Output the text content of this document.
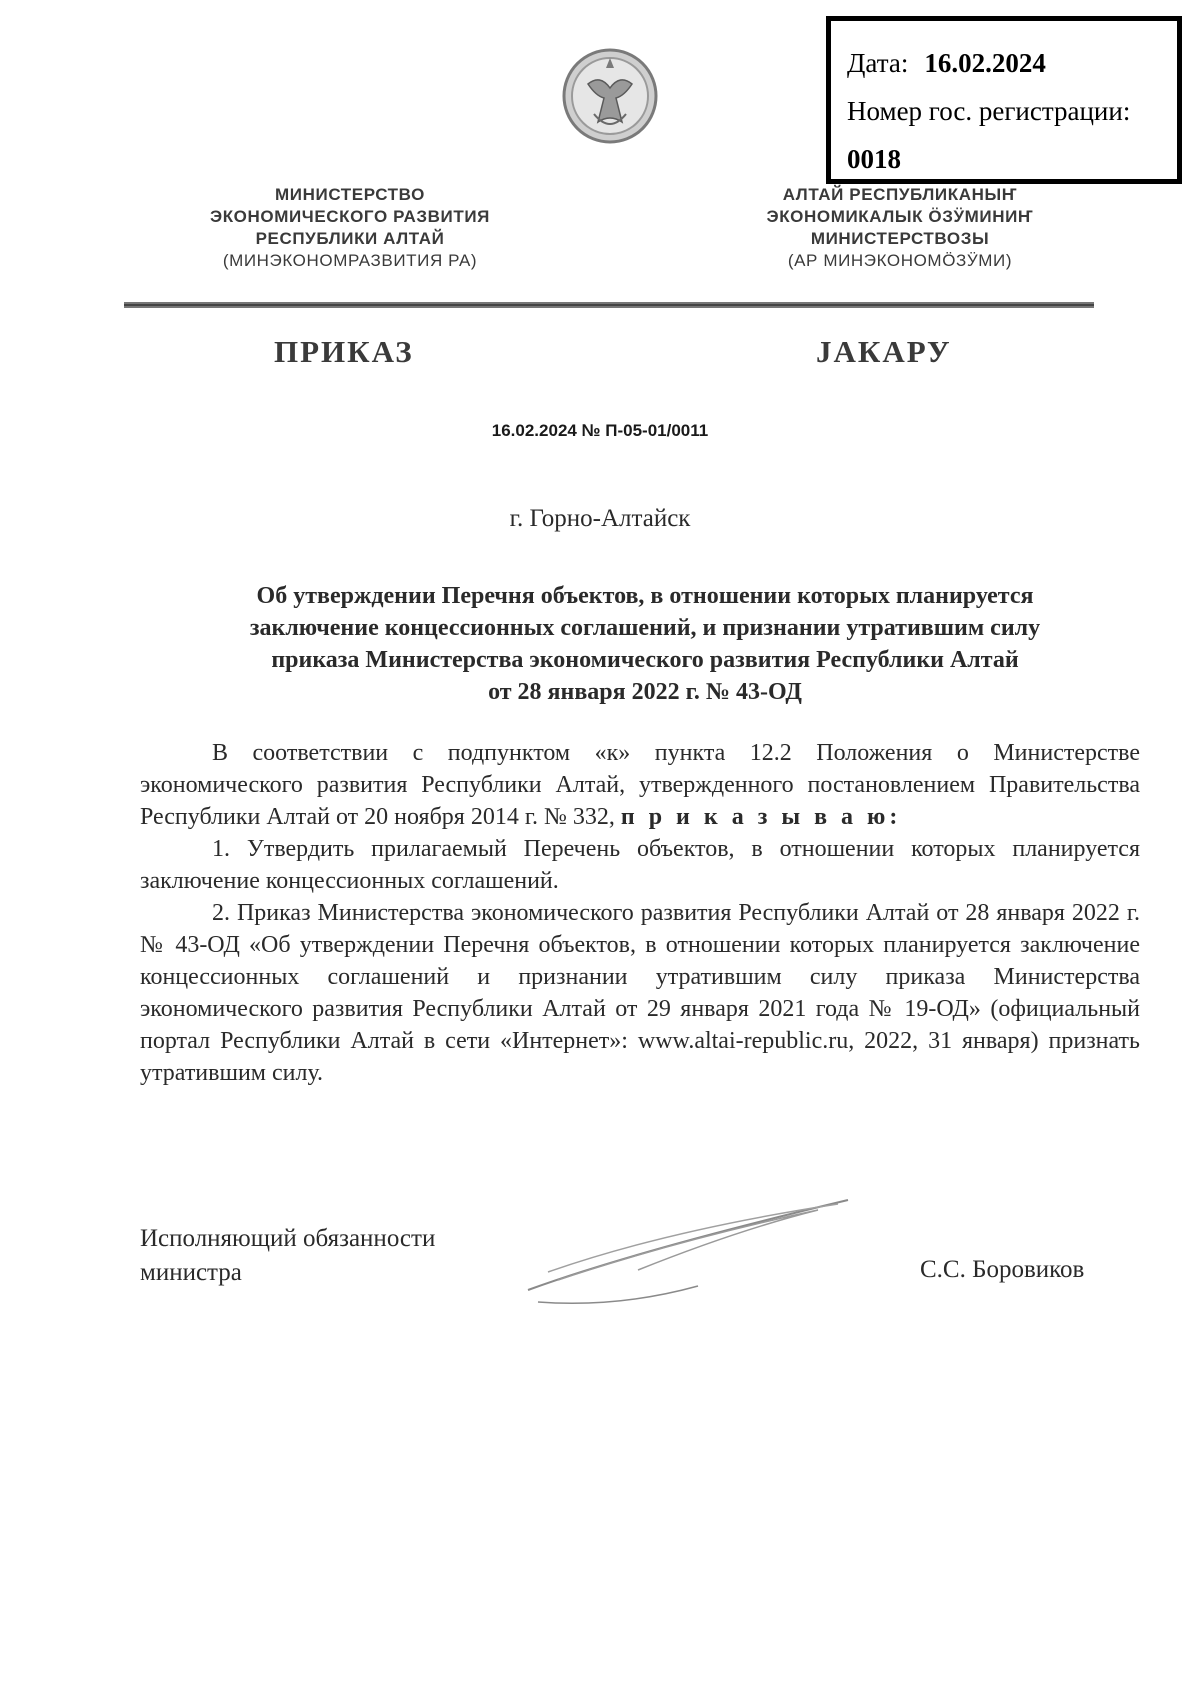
Дата: 16.02.2024
Номер гос. регистрации:
0018
МИНИСТЕРСТВО
ЭКОНОМИЧЕСКОГО РАЗВИТИЯ
РЕСПУБЛИКИ АЛТАЙ
(МИНЭКОНОМРАЗВИТИЯ РА)
АЛТАЙ РЕСПУБЛИКАНЫҤ
ЭКОНОМИКАЛЫК ÖЗӰМИНИҤ
МИНИСТЕРСТВОЗЫ
(АР МИНЭКОНОМÖЗӰМИ)
ПРИКАЗ	JАКАРУ
16.02.2024 № П-05-01/0011
г. Горно-Алтайск
Об утверждении Перечня объектов, в отношении которых планируется
заключение концессионных соглашений, и признании утратившим силу
приказа Министерства экономического развития Республики Алтай
от 28 января 2022 г. № 43-ОД

В соответствии с подпунктом «к» пункта 12.2 Положения о Министерстве экономического развития Республики Алтай, утвержденного постановлением Правительства Республики Алтай от 20 ноября 2014 г. № 332, п р и к а з ы в а ю:

1. Утвердить прилагаемый Перечень объектов, в отношении которых планируется заключение концессионных соглашений.

2. Приказ Министерства экономического развития Республики Алтай от 28 января 2022 г. № 43-ОД «Об утверждении Перечня объектов, в отношении которых планируется заключение концессионных соглашений и признании утратившим силу приказа Министерства экономического развития Республики Алтай от 29 января 2021 года № 19-ОД» (официальный портал Республики Алтай в сети «Интернет»: www.altai-republic.ru, 2022, 31 января) признать утратившим силу.

Исполняющий обязанности
министра	С.С. Боровиков
